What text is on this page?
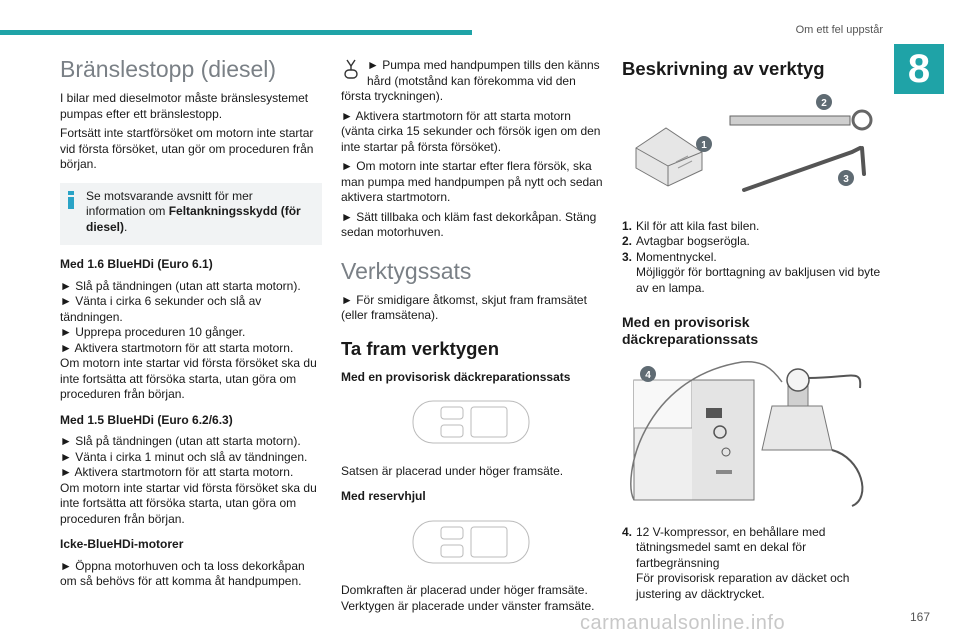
Om ett fel uppstår
8
Bränslestopp (diesel)

I bilar med dieselmotor måste bränslesystemet pumpas efter ett bränslestopp.

Fortsätt inte startförsöket om motorn inte startar vid första försöket, utan gör om proceduren från början.

Se motsvarande avsnitt för mer information om Feltankningsskydd (för diesel).
Med 1.6 BlueHDi (Euro 6.1)
► Slå på tändningen (utan att starta motorn).
► Vänta i cirka 6 sekunder och slå av tändningen.
► Upprepa proceduren 10 gånger.
► Aktivera startmotorn för att starta motorn.
Om motorn inte startar vid första försöket ska du inte fortsätta att försöka starta, utan göra om proceduren från början.
Med 1.5 BlueHDi (Euro 6.2/6.3)
► Slå på tändningen (utan att starta motorn).
► Vänta i cirka 1 minut och slå av tändningen.
► Aktivera startmotorn för att starta motorn.
Om motorn inte startar vid första försöket ska du inte fortsätta att försöka starta, utan göra om proceduren från början.
Icke-BlueHDi-motorer
► Öppna motorhuven och ta loss dekorkåpan om så behövs för att komma åt handpumpen.

► Pumpa med handpumpen tills den känns hård (motstånd kan förekomma vid den första tryckningen).

► Aktivera startmotorn för att starta motorn (vänta cirka 15 sekunder och försök igen om den inte startar på första försöket).

► Om motorn inte startar efter flera försök, ska man pumpa med handpumpen på nytt och sedan aktivera startmotorn.

► Sätt tillbaka och kläm fast dekorkåpan. Stäng sedan motorhuven.

Verktygssats

► För smidigare åtkomst, skjut fram framsätet (eller framsätena).

Ta fram verktygen
Med en provisorisk däckreparationssats

Satsen är placerad under höger framsäte.

Med reservhjul
Domkraften är placerad under höger framsäte.
Verktygen är placerade under vänster framsäte.
Beskrivning av verktyg
1
2
3
1. Kil för att kila fast bilen.
2. Avtagbar bogserögla.
3. Momentnyckel.
Möjliggör för borttagning av bakljusen vid byte av en lampa.
Med en provisorisk däckreparationssats
4
4. 12 V-kompressor, en behållare med tätningsmedel samt en dekal för fartbegränsning
För provisorisk reparation av däcket och justering av däcktrycket.
carmanualsonline.info	167
